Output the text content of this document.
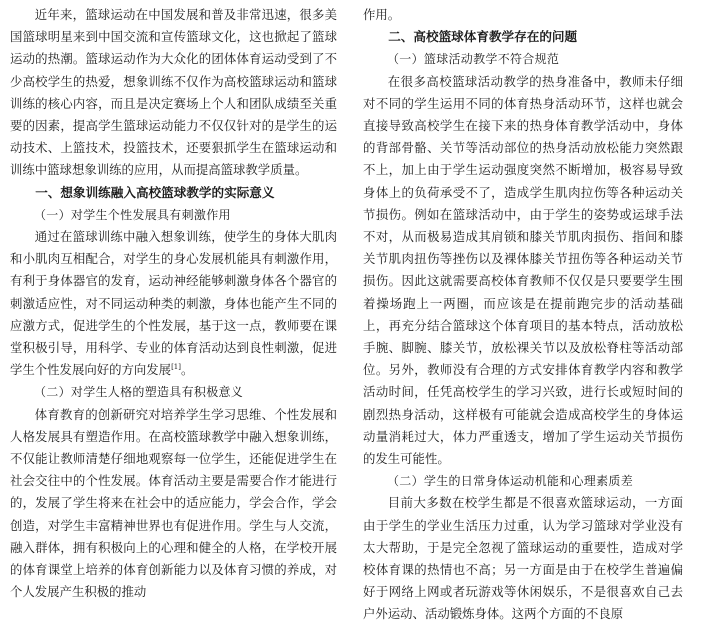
近年来，篮球运动在中国发展和普及非常迅速，很多美国篮球明星来到中国交流和宣传篮球文化，这也掀起了篮球运动的热潮。篮球运动作为大众化的团体体育运动受到了不少高校学生的热爱，想象训练不仅作为高校篮球运动和篮球训练的核心内容，而且是决定赛场上个人和团队成绩至关重要的因素，提高学生篮球运动能力不仅仅针对的是学生的运动技术、上篮技术，投篮技术，还要狠抓学生在篮球运动和训练中篮球想象训练的应用，从而提高篮球教学质量。

一、想象训练融入高校篮球教学的实际意义
（一）对学生个性发展具有刺激作用

通过在篮球训练中融入想象训练，使学生的身体大肌肉和小肌肉互相配合，对学生的身心发展机能具有刺激作用，有利于身体器官的发育，运动神经能够刺激身体各个器官的刺激适应性，对不同运动种类的刺激，身体也能产生不同的应激方式，促进学生的个性发展，基于这一点，教师要在课堂积极引导，用科学、专业的体育活动达到良性刺激，促进学生个性发展向好的方向发展[1]。

（二）对学生人格的塑造具有积极意义

体育教育的创新研究对培养学生学习思维、个性发展和人格发展具有塑造作用。在高校篮球教学中融入想象训练，不仅能让教师清楚仔细地观察每一位学生，还能促进学生在社会交往中的个性发展。体育活动主要是需要合作才能进行的，发展了学生将来在社会中的适应能力，学会合作，学会创造，对学生丰富精神世界也有促进作用。学生与人交流，融入群体，拥有积极向上的心理和健全的人格，在学校开展的体育课堂上培养的体育创新能力以及体育习惯的养成，对个人发展产生积极的推动

作用。

二、高校篮球体育教学存在的问题
（一）篮球活动教学不符合规范

在很多高校篮球活动教学的热身准备中，教师未仔细对不同的学生运用不同的体育热身活动环节，这样也就会直接导致高校学生在接下来的热身体育教学活动中，身体的背部骨骼、关节等活动部位的热身活动放松能力突然跟不上，加上由于学生运动强度突然不断增加，极容易导致身体上的负荷承受不了，造成学生肌肉拉伤等各种运动关节损伤。例如在篮球活动中，由于学生的姿势或运球手法不对，从而极易造成其肩锁和膝关节肌肉损伤、指间和膝关节肌肉扭伤等挫伤以及裸体膝关节扭伤等各种运动关节损伤。因此这就需要高校体育教师不仅仅是只要要学生围着操场跑上一两圈，而应该是在提前跑完步的活动基础上，再充分结合篮球这个体育项目的基本特点，活动放松手腕、脚腕、膝关节，放松裸关节以及放松脊柱等活动部位。另外，教师没有合理的方式安排体育教学内容和教学活动时间，任凭高校学生的学习兴致，进行长或短时间的剧烈热身活动，这样极有可能就会造成高校学生的身体运动量消耗过大，体力严重透支，增加了学生运动关节损伤的发生可能性。

（二）学生的日常身体运动机能和心理素质差

目前大多数在校学生都是不很喜欢篮球运动，一方面由于学生的学业生活压力过重，认为学习篮球对学业没有太大帮助，于是完全忽视了篮球运动的重要性，造成对学校体育课的热情也不高；另一方面是由于在校学生普遍偏好于网络上网或者玩游戏等休闲娱乐，不是很喜欢自己去户外运动、活动锻炼身体。这两个方面的不良原
